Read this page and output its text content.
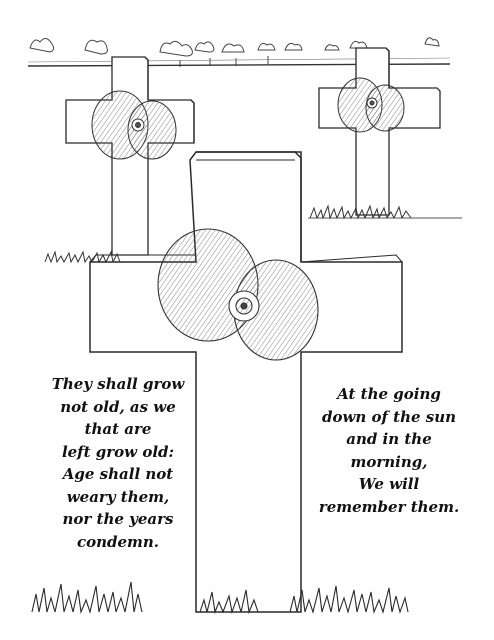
They shall grow
not old, as we
that are
left grow old:
Age shall not
weary them,
nor the years
condemn.
At the going
down of the sun
and in the
morning,
We will
remember them.
